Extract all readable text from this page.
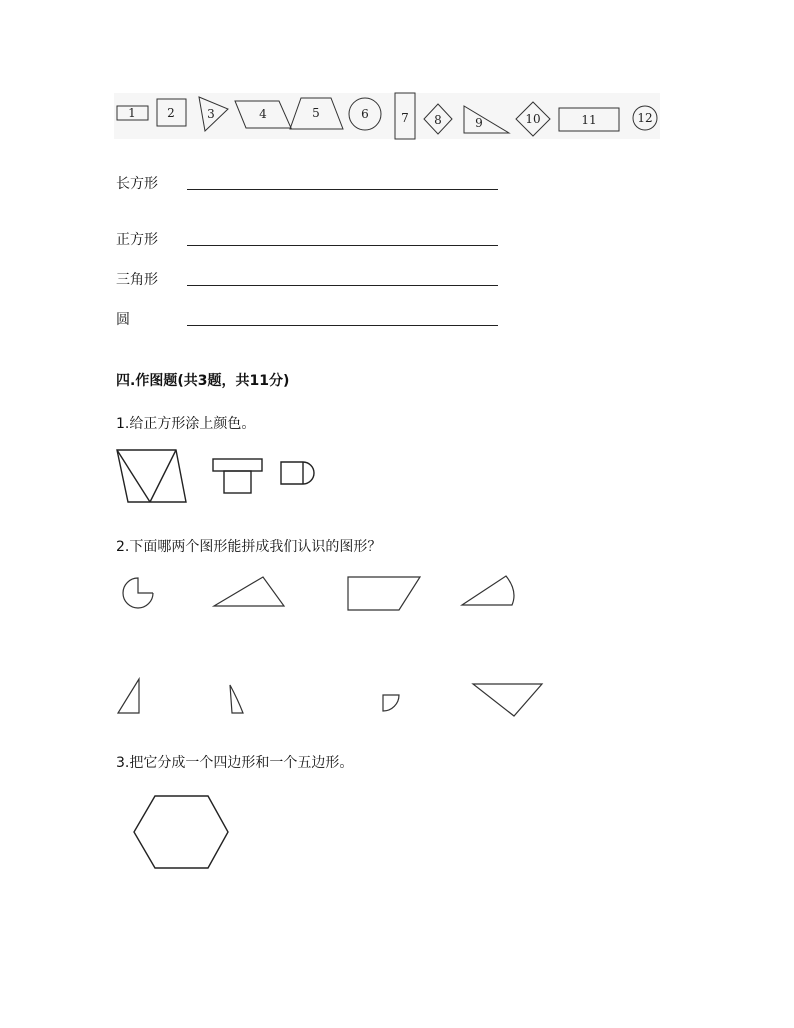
1	2	3	4	5	6	7 8	9	10	11	12
长方形
正方形
三角形
圆
四.作图题(共3题，共11分)
1.给正方形涂上颜色。
2.下面哪两个图形能拼成我们认识的图形？
3.把它分成一个四边形和一个五边形。
